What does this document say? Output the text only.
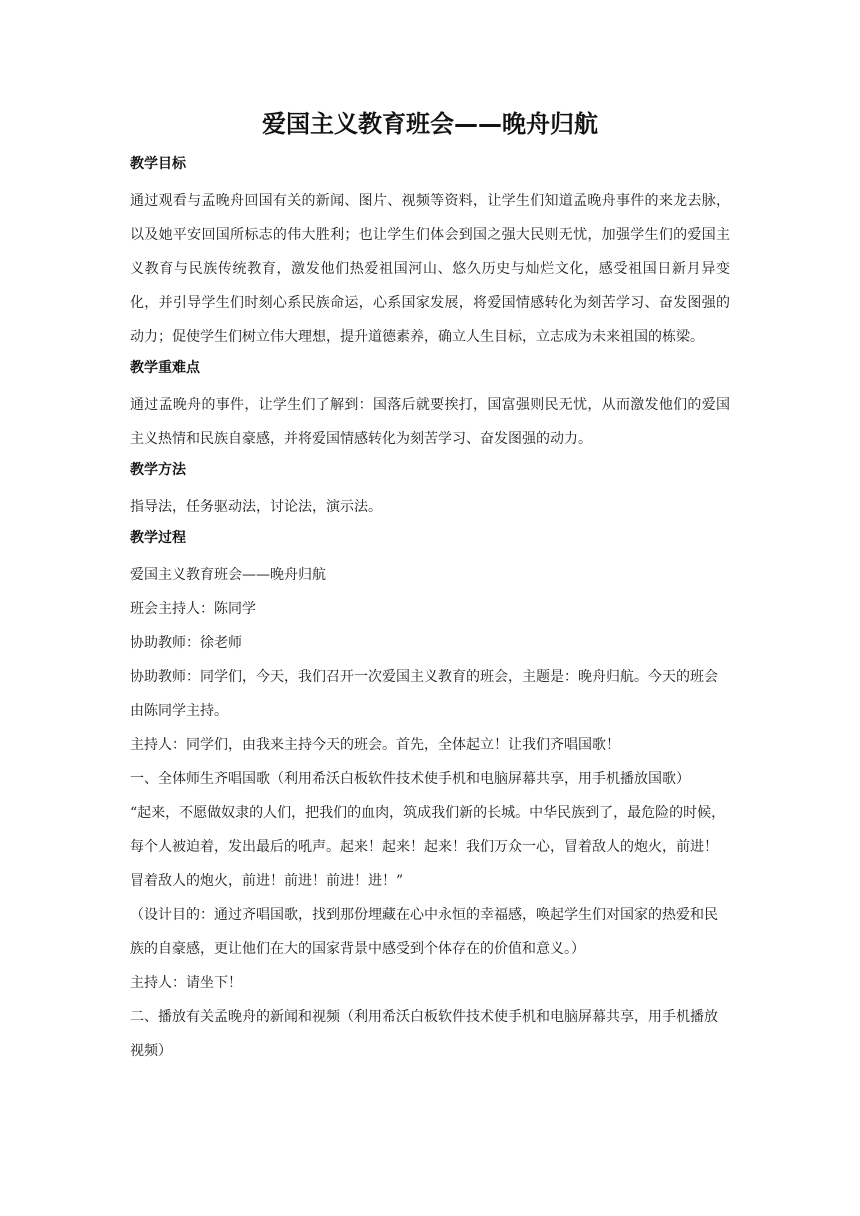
爱国主义教育班会——晚舟归航
教学目标

通过观看与孟晚舟回国有关的新闻、图片、视频等资料，让学生们知道孟晚舟事件的来龙去脉，以及她平安回国所标志的伟大胜利；也让学生们体会到国之强大民则无忧，加强学生们的爱国主义教育与民族传统教育，激发他们热爱祖国河山、悠久历史与灿烂文化，感受祖国日新月异变化，并引导学生们时刻心系民族命运，心系国家发展，将爱国情感转化为刻苦学习、奋发图强的动力；促使学生们树立伟大理想，提升道德素养，确立人生目标，立志成为未来祖国的栋梁。

教学重难点

通过孟晚舟的事件，让学生们了解到：国落后就要挨打，国富强则民无忧，从而激发他们的爱国主义热情和民族自豪感，并将爱国情感转化为刻苦学习、奋发图强的动力。

教学方法

指导法，任务驱动法，讨论法，演示法。

教学过程

爱国主义教育班会——晚舟归航

班会主持人：陈同学

协助教师：徐老师

协助教师：同学们，今天，我们召开一次爱国主义教育的班会，主题是：晚舟归航。今天的班会由陈同学主持。

主持人：同学们，由我来主持今天的班会。首先，全体起立！让我们齐唱国歌！

一、全体师生齐唱国歌（利用希沃白板软件技术使手机和电脑屏幕共享，用手机播放国歌）

“起来，不愿做奴隶的人们，把我们的血肉，筑成我们新的长城。中华民族到了，最危险的时候，每个人被迫着，发出最后的吼声。起来！起来！起来！我们万众一心，冒着敌人的炮火，前进！冒着敌人的炮火，前进！前进！前进！进！”

（设计目的：通过齐唱国歌，找到那份埋藏在心中永恒的幸福感，唤起学生们对国家的热爱和民族的自豪感，更让他们在大的国家背景中感受到个体存在的价值和意义。）

主持人：请坐下！

二、播放有关孟晚舟的新闻和视频（利用希沃白板软件技术使手机和电脑屏幕共享，用手机播放视频）
